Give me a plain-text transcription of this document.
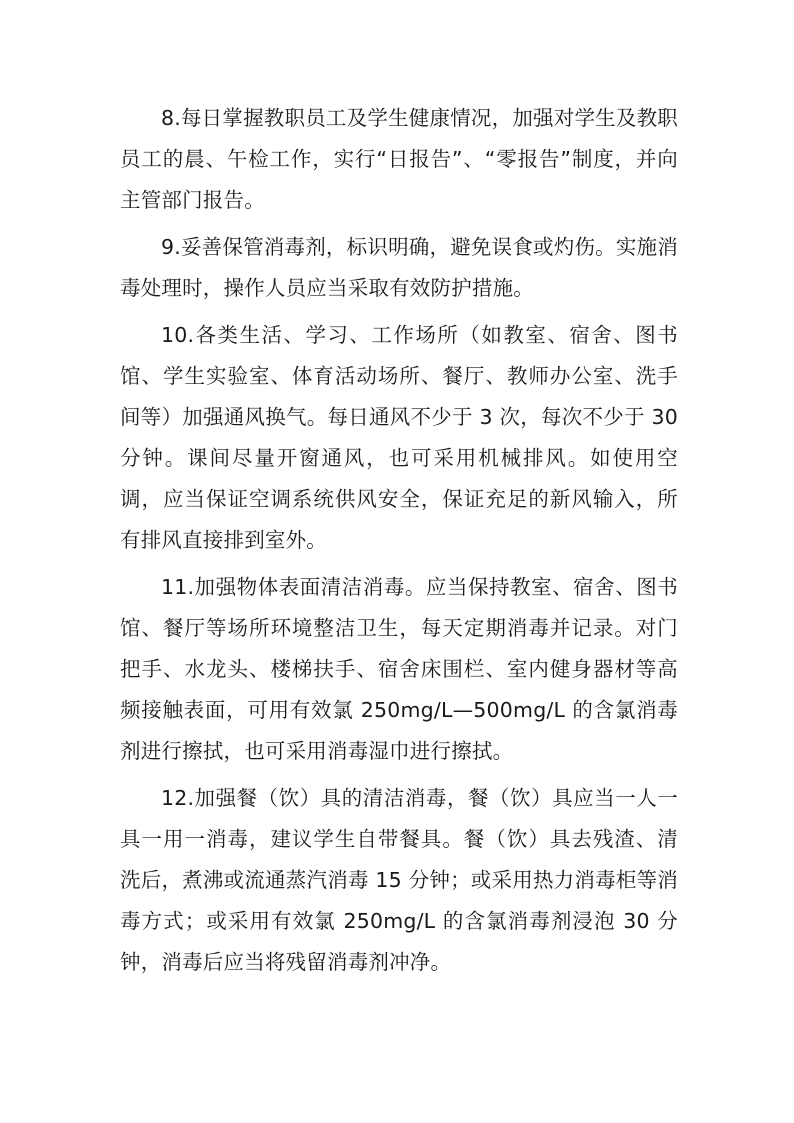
8.每日掌握教职员工及学生健康情况，加强对学生及教职员工的晨、午检工作，实行“日报告”、“零报告”制度，并向主管部门报告。

9.妥善保管消毒剂，标识明确，避免误食或灼伤。实施消毒处理时，操作人员应当采取有效防护措施。

10.各类生活、学习、工作场所（如教室、宿舍、图书馆、学生实验室、体育活动场所、餐厅、教师办公室、洗手间等）加强通风换气。每日通风不少于 3 次，每次不少于 30 分钟。课间尽量开窗通风，也可采用机械排风。如使用空调，应当保证空调系统供风安全，保证充足的新风输入，所有排风直接排到室外。

11.加强物体表面清洁消毒。应当保持教室、宿舍、图书馆、餐厅等场所环境整洁卫生，每天定期消毒并记录。对门把手、水龙头、楼梯扶手、宿舍床围栏、室内健身器材等高频接触表面，可用有效氯 250mg/L—500mg/L 的含氯消毒剂进行擦拭，也可采用消毒湿巾进行擦拭。

12.加强餐（饮）具的清洁消毒，餐（饮）具应当一人一具一用一消毒，建议学生自带餐具。餐（饮）具去残渣、清洗后，煮沸或流通蒸汽消毒 15 分钟；或采用热力消毒柜等消毒方式；或采用有效氯 250mg/L 的含氯消毒剂浸泡 30 分钟，消毒后应当将残留消毒剂冲净。
